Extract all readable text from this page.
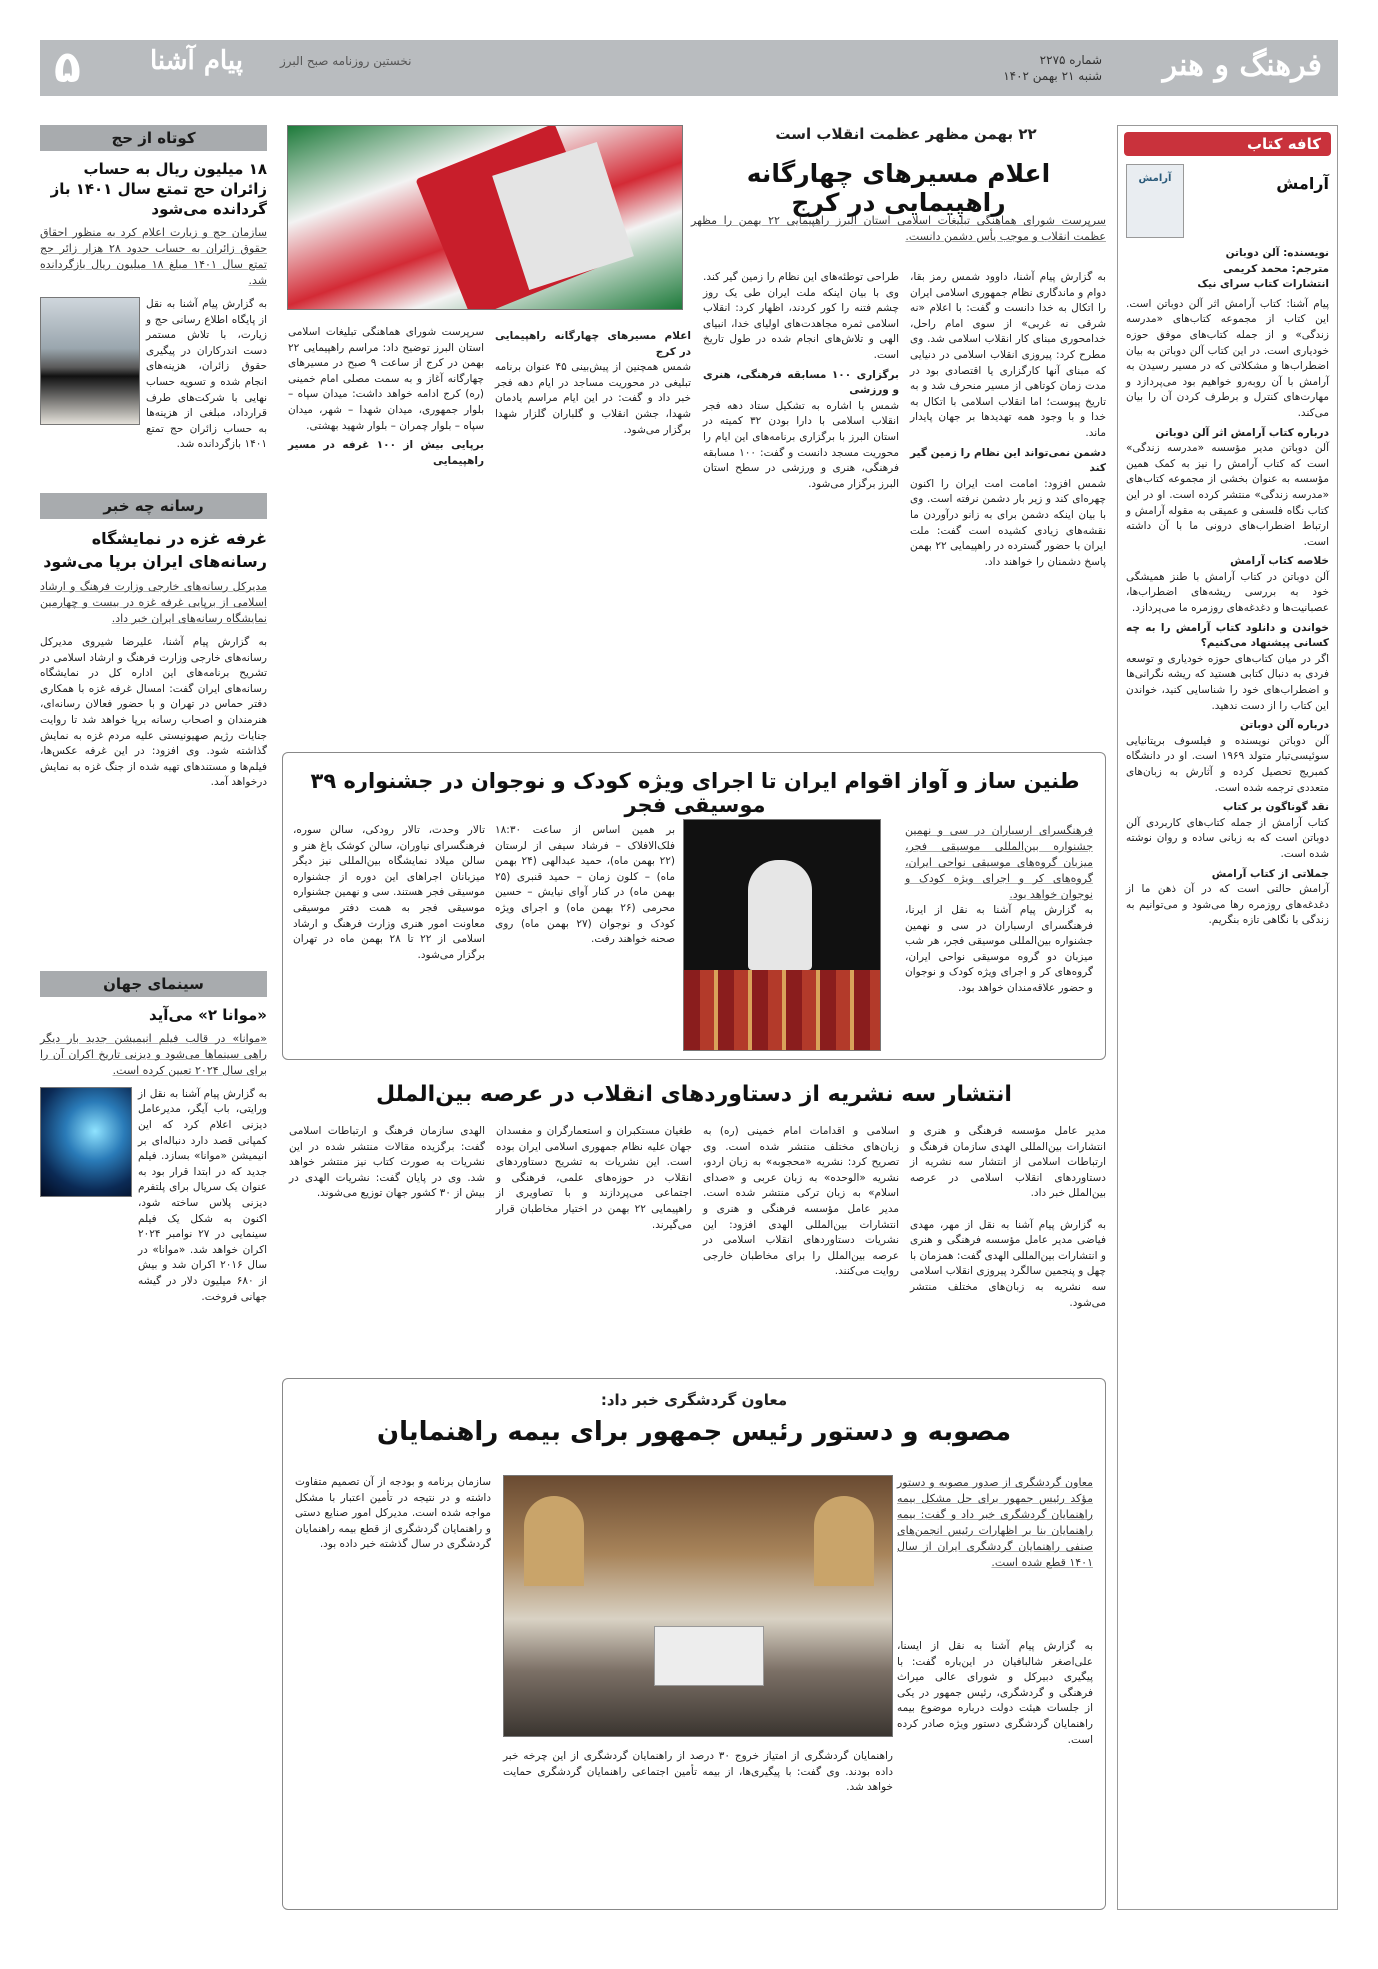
فرهنگ و هنر
شماره ۲۲۷۵
شنبه ۲۱ بهمن ۱۴۰۲
نخستین روزنامه صبح البرز
پیام آشنا
۵
کافه کتاب
آرامش
آرامش
نویسنده: آلن دوباتن
مترجم: محمد کریمی
انتشارات کتاب سرای نیک

پیام آشنا: کتاب آرامش اثر آلن دوباتن است. این کتاب از مجموعه کتاب‌های «مدرسه زندگی» و از جمله کتاب‌های موفق حوزه خودیاری است. در این کتاب آلن دوباتن به بیان اضطراب‌ها و مشکلاتی که در مسیر رسیدن به آرامش با آن روبه‌رو خواهیم بود می‌پردازد و مهارت‌های کنترل و برطرف کردن آن را بیان می‌کند.

درباره کتاب آرامش اثر آلن دوباتن

آلن دوباتن مدیر مؤسسه «مدرسه زندگی» است که کتاب آرامش را نیز به کمک همین مؤسسه به عنوان بخشی از مجموعه کتاب‌های «مدرسه زندگی» منتشر کرده است. او در این کتاب نگاه فلسفی و عمیقی به مقوله آرامش و ارتباط اضطراب‌های درونی ما با آن داشته است.

خلاصه کتاب آرامش

آلن دوباتن در کتاب آرامش با طنز همیشگی خود به بررسی ریشه‌های اضطراب‌ها، عصبانیت‌ها و دغدغه‌های روزمره ما می‌پردازد.

خواندن و دانلود کتاب آرامش را به چه کسانی پیشنهاد می‌کنیم؟

اگر در میان کتاب‌های حوزه خودیاری و توسعه فردی به دنبال کتابی هستید که ریشه نگرانی‌ها و اضطراب‌های خود را شناسایی کنید، خواندن این کتاب را از دست ندهید.

درباره آلن دوباتن

آلن دوباتن نویسنده و فیلسوف بریتانیایی سوئیسی‌تبار متولد ۱۹۶۹ است. او در دانشگاه کمبریج تحصیل کرده و آثارش به زبان‌های متعددی ترجمه شده است.

نقد گوناگون بر کتاب

کتاب آرامش از جمله کتاب‌های کاربردی آلن دوباتن است که به زبانی ساده و روان نوشته شده است.

جملاتی از کتاب آرامش

آرامش حالتی است که در آن ذهن ما از دغدغه‌های روزمره رها می‌شود و می‌توانیم به زندگی با نگاهی تازه بنگریم.

کوتاه از حج
۱۸ میلیون ریال به حساب زائران حج تمتع سال ۱۴۰۱ باز گردانده می‌شود
سازمان حج و زیارت اعلام کرد به منظور احقاق حقوق زائران به حساب حدود ۲۸ هزار زائر حج تمتع سال ۱۴۰۱ مبلغ ۱۸ میلیون ریال بازگردانده شد.
به گزارش پیام آشنا به نقل از پایگاه اطلاع رسانی حج و زیارت، با تلاش مستمر دست اندرکاران در پیگیری حقوق زائران، هزینه‌های انجام شده و تسویه حساب نهایی با شرکت‌های طرف قرارداد، مبلغی از هزینه‌ها به حساب زائران حج تمتع ۱۴۰۱ بازگردانده شد.
رسانه چه خبر
غرفه غزه در نمایشگاه رسانه‌های ایران برپا می‌شود
مدیرکل رسانه‌های خارجی وزارت فرهنگ و ارشاد اسلامی از برپایی غرفه غزه در بیست و چهارمین نمایشگاه رسانه‌های ایران خبر داد.
به گزارش پیام آشنا، علیرضا شیروی مدیرکل رسانه‌های خارجی وزارت فرهنگ و ارشاد اسلامی در تشریح برنامه‌های این اداره کل در نمایشگاه رسانه‌های ایران گفت: امسال غرفه غزه با همکاری دفتر حماس در تهران و با حضور فعالان رسانه‌ای، هنرمندان و اصحاب رسانه برپا خواهد شد تا روایت جنایات رژیم صهیونیستی علیه مردم غزه به نمایش گذاشته شود. وی افزود: در این غرفه عکس‌ها، فیلم‌ها و مستندهای تهیه شده از جنگ غزه به نمایش درخواهد آمد.
سینمای جهان
«موانا ۲» می‌آید
«موانا» در قالب فیلم انیمیشن جدید بار دیگر راهی سینماها می‌شود و دیزنی تاریخ اکران آن را برای سال ۲۰۲۴ تعیین کرده است.
به گزارش پیام آشنا به نقل از ورایتی، باب آیگر، مدیرعامل دیزنی اعلام کرد که این کمپانی قصد دارد دنباله‌ای بر انیمیشن «موانا» بسازد. فیلم جدید که در ابتدا قرار بود به عنوان یک سریال برای پلتفرم دیزنی پلاس ساخته شود، اکنون به شکل یک فیلم سینمایی در ۲۷ نوامبر ۲۰۲۴ اکران خواهد شد. «موانا» در سال ۲۰۱۶ اکران شد و بیش از ۶۸۰ میلیون دلار در گیشه جهانی فروخت.
۲۲ بهمن مظهر عظمت انقلاب است
اعلام مسیرهای چهارگانه راهپیمایی در کرج
سرپرست شورای هماهنگی تبلیغات اسلامی استان البرز راهپیمایی ۲۲ بهمن را مظهر عظمت انقلاب و موجب یأس دشمن دانست.

به گزارش پیام آشنا، داوود شمس رمز بقا، دوام و ماندگاری نظام جمهوری اسلامی ایران را اتکال به خدا دانست و گفت: با اعلام «نه شرقی نه غربی» از سوی امام راحل، خدامحوری مبنای کار انقلاب اسلامی شد. وی مطرح کرد: پیروزی انقلاب اسلامی در دنیایی که مبنای آنها کارگزاری یا اقتصادی بود در مدت زمان کوتاهی از مسیر منحرف شد و به تاریخ پیوست؛ اما انقلاب اسلامی با اتکال به خدا و با وجود همه تهدیدها بر جهان پایدار ماند.

دشمن نمی‌تواند این نظام را زمین گیر کند

شمس افزود: امامت امت ایران را اکنون چهره‌ای کند و زیر بار دشمن نرفته است. وی با بیان اینکه دشمن برای به زانو درآوردن ما نقشه‌های زیادی کشیده است گفت: ملت ایران با حضور گسترده در راهپیمایی ۲۲ بهمن پاسخ دشمنان را خواهند داد.

طراحی توطئه‌های این نظام را زمین گیر کند. وی با بیان اینکه ملت ایران طی یک روز چشم فتنه را کور کردند، اظهار کرد: انقلاب اسلامی ثمره مجاهدت‌های اولیای خدا، انبیای الهی و تلاش‌های انجام شده در طول تاریخ است.

برگزاری ۱۰۰ مسابقه فرهنگی، هنری و ورزشی

شمس با اشاره به تشکیل ستاد دهه فجر انقلاب اسلامی با دارا بودن ۳۲ کمیته در استان البرز با برگزاری برنامه‌های این ایام را محوریت مسجد دانست و گفت: ۱۰۰ مسابقه فرهنگی، هنری و ورزشی در سطح استان البرز برگزار می‌شود.

اعلام مسیرهای چهارگانه راهپیمایی در کرج

شمس همچنین از پیش‌بینی ۴۵ عنوان برنامه تبلیغی در محوریت مساجد در ایام دهه فجر خبر داد و گفت: در این ایام مراسم یادمان شهدا، جشن انقلاب و گلباران گلزار شهدا برگزار می‌شود.

سرپرست شورای هماهنگی تبلیغات اسلامی استان البرز توضیح داد: مراسم راهپیمایی ۲۲ بهمن در کرج از ساعت ۹ صبح در مسیرهای چهارگانه آغاز و به سمت مصلی امام خمینی (ره) کرج ادامه خواهد داشت: میدان سپاه – بلوار جمهوری، میدان شهدا – شهر، میدان سپاه – بلوار چمران – بلوار شهید بهشتی.

برپایی بیش از ۱۰۰ غرفه در مسیر راهپیمایی
طنین ساز و آواز اقوام ایران تا اجرای ویژه کودک و نوجوان در جشنواره ۳۹ موسیقی فجر
فرهنگسرای ارسباران در سی و نهمین جشنواره بین‌المللی موسیقی فجر، میزبان گروه‌های موسیقی نواحی ایران، گروه‌های کر و اجرای ویژه کودک و نوجوان خواهد بود.
به گزارش پیام آشنا به نقل از ایرنا، فرهنگسرای ارسباران در سی و نهمین جشنواره بین‌المللی موسیقی فجر، هر شب میزبان دو گروه موسیقی نواحی ایران، گروه‌های کر و اجرای ویژه کودک و نوجوان و حضور علاقه‌مندان خواهد بود.
بر همین اساس از ساعت ۱۸:۳۰ فلک‌الافلاک – فرشاد سیفی از لرستان (۲۲ بهمن ماه)، حمید عبدالهی (۲۴ بهمن ماه) – کلون زمان – حمید قنبری (۲۵ بهمن ماه) در کنار آوای نیایش – حسین محرمی (۲۶ بهمن ماه) و اجرای ویژه کودک و نوجوان (۲۷ بهمن ماه) روی صحنه خواهند رفت.
تالار وحدت، تالار رودکی، سالن سوره، فرهنگسرای نیاوران، سالن کوشک باغ هنر و سالن میلاد نمایشگاه بین‌المللی نیز دیگر میزبانان اجراهای این دوره از جشنواره موسیقی فجر هستند. سی و نهمین جشنواره موسیقی فجر به همت دفتر موسیقی معاونت امور هنری وزارت فرهنگ و ارشاد اسلامی از ۲۲ تا ۲۸ بهمن ماه در تهران برگزار می‌شود.
انتشار سه نشریه از دستاوردهای انقلاب در عرصه بین‌الملل

مدیر عامل مؤسسه فرهنگی و هنری و انتشارات بین‌المللی الهدی سازمان فرهنگ و ارتباطات اسلامی از انتشار سه نشریه از دستاوردهای انقلاب اسلامی در عرصه بین‌الملل خبر داد.

به گزارش پیام آشنا به نقل از مهر، مهدی فیاضی مدیر عامل مؤسسه فرهنگی و هنری و انتشارات بین‌المللی الهدی گفت: همزمان با چهل و پنجمین سالگرد پیروزی انقلاب اسلامی سه نشریه به زبان‌های مختلف منتشر می‌شود.

اسلامی و اقدامات امام خمینی (ره) به زبان‌های مختلف منتشر شده است. وی تصریح کرد: نشریه «محجوبه» به زبان اردو، نشریه «الوحده» به زبان عربی و «صدای اسلام» به زبان ترکی منتشر شده است. مدیر عامل مؤسسه فرهنگی و هنری و انتشارات بین‌المللی الهدی افزود: این نشریات دستاوردهای انقلاب اسلامی در عرصه بین‌الملل را برای مخاطبان خارجی روایت می‌کنند.

طغیان مستکبران و استعمارگران و مفسدان جهان علیه نظام جمهوری اسلامی ایران بوده است. این نشریات به تشریح دستاوردهای انقلاب در حوزه‌های علمی، فرهنگی و اجتماعی می‌پردازند و با تصاویری از راهپیمایی ۲۲ بهمن در اختیار مخاطبان قرار می‌گیرند.

الهدی سازمان فرهنگ و ارتباطات اسلامی گفت: برگزیده مقالات منتشر شده در این نشریات به صورت کتاب نیز منتشر خواهد شد. وی در پایان گفت: نشریات الهدی در بیش از ۳۰ کشور جهان توزیع می‌شوند.

معاون گردشگری خبر داد:
مصوبه و دستور رئیس جمهور برای بیمه راهنمایان
معاون گردشگری از صدور مصوبه و دستور مؤکد رئیس جمهور برای حل مشکل بیمه راهنمایان گردشگری خبر داد و گفت: بیمه راهنمایان بنا بر اظهارات رئیس انجمن‌های صنفی راهنمایان گردشگری ایران از سال ۱۴۰۱ قطع شده است.
به گزارش پیام آشنا به نقل از ایسنا، علی‌اصغر شالبافیان در این‌باره گفت: با پیگیری دبیرکل و شورای عالی میراث فرهنگی و گردشگری، رئیس جمهور در یکی از جلسات هیئت دولت درباره موضوع بیمه راهنمایان گردشگری دستور ویژه صادر کرده است.
سازمان برنامه و بودجه از آن تصمیم متفاوت داشته و در نتیجه در تأمین اعتبار با مشکل مواجه شده است. مدیرکل امور صنایع دستی و راهنمایان گردشگری از قطع بیمه راهنمایان گردشگری در سال گذشته خبر داده بود.
راهنمایان گردشگری از امتیاز خروج ۳۰ درصد از راهنمایان گردشگری از این چرخه خبر داده بودند. وی گفت: با پیگیری‌ها، از بیمه تأمین اجتماعی راهنمایان گردشگری حمایت خواهد شد.
